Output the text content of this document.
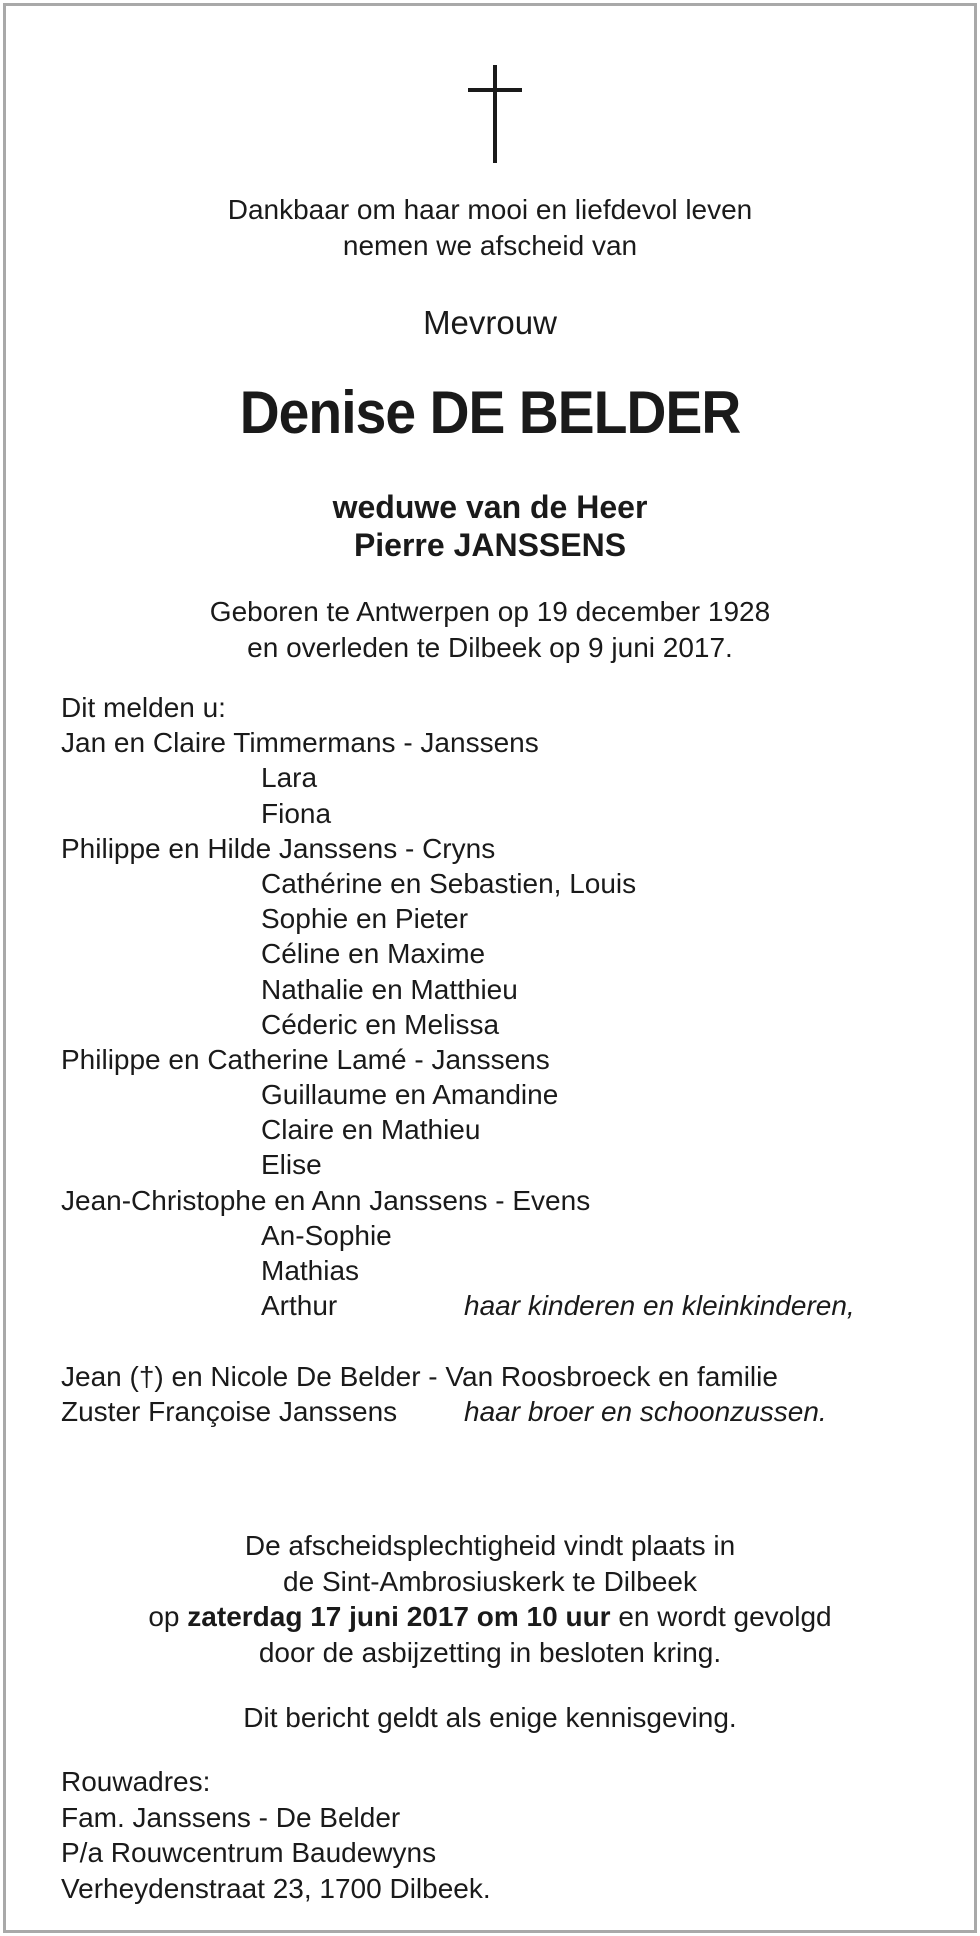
Dankbaar om haar mooi en liefdevol leven
nemen we afscheid van
Mevrouw
Denise DE BELDER
weduwe van de Heer
Pierre JANSSENS
Geboren te Antwerpen op 19 december 1928
en overleden te Dilbeek op 9 juni 2017.
Dit melden u:
Jan en Claire Timmermans - Janssens
Lara
Fiona
Philippe en Hilde Janssens - Cryns
Cathérine en Sebastien, Louis
Sophie en Pieter
Céline en Maxime
Nathalie en Matthieu
Céderic en Melissa
Philippe en Catherine Lamé - Janssens
Guillaume en Amandine
Claire en Mathieu
Elise
Jean-Christophe en Ann Janssens - Evens
An-Sophie
Mathias
Arthur	haar kinderen en kleinkinderen,
Jean (†) en Nicole De Belder - Van Roosbroeck en familie
Zuster Françoise Janssens haar broer en schoonzussen.
De afscheidsplechtigheid vindt plaats in
de Sint-Ambrosiuskerk te Dilbeek
op zaterdag 17 juni 2017 om 10 uur en wordt gevolgd
door de asbijzetting in besloten kring.
Dit bericht geldt als enige kennisgeving.
Rouwadres:
Fam. Janssens - De Belder
P/a Rouwcentrum Baudewyns
Verheydenstraat 23, 1700 Dilbeek.
